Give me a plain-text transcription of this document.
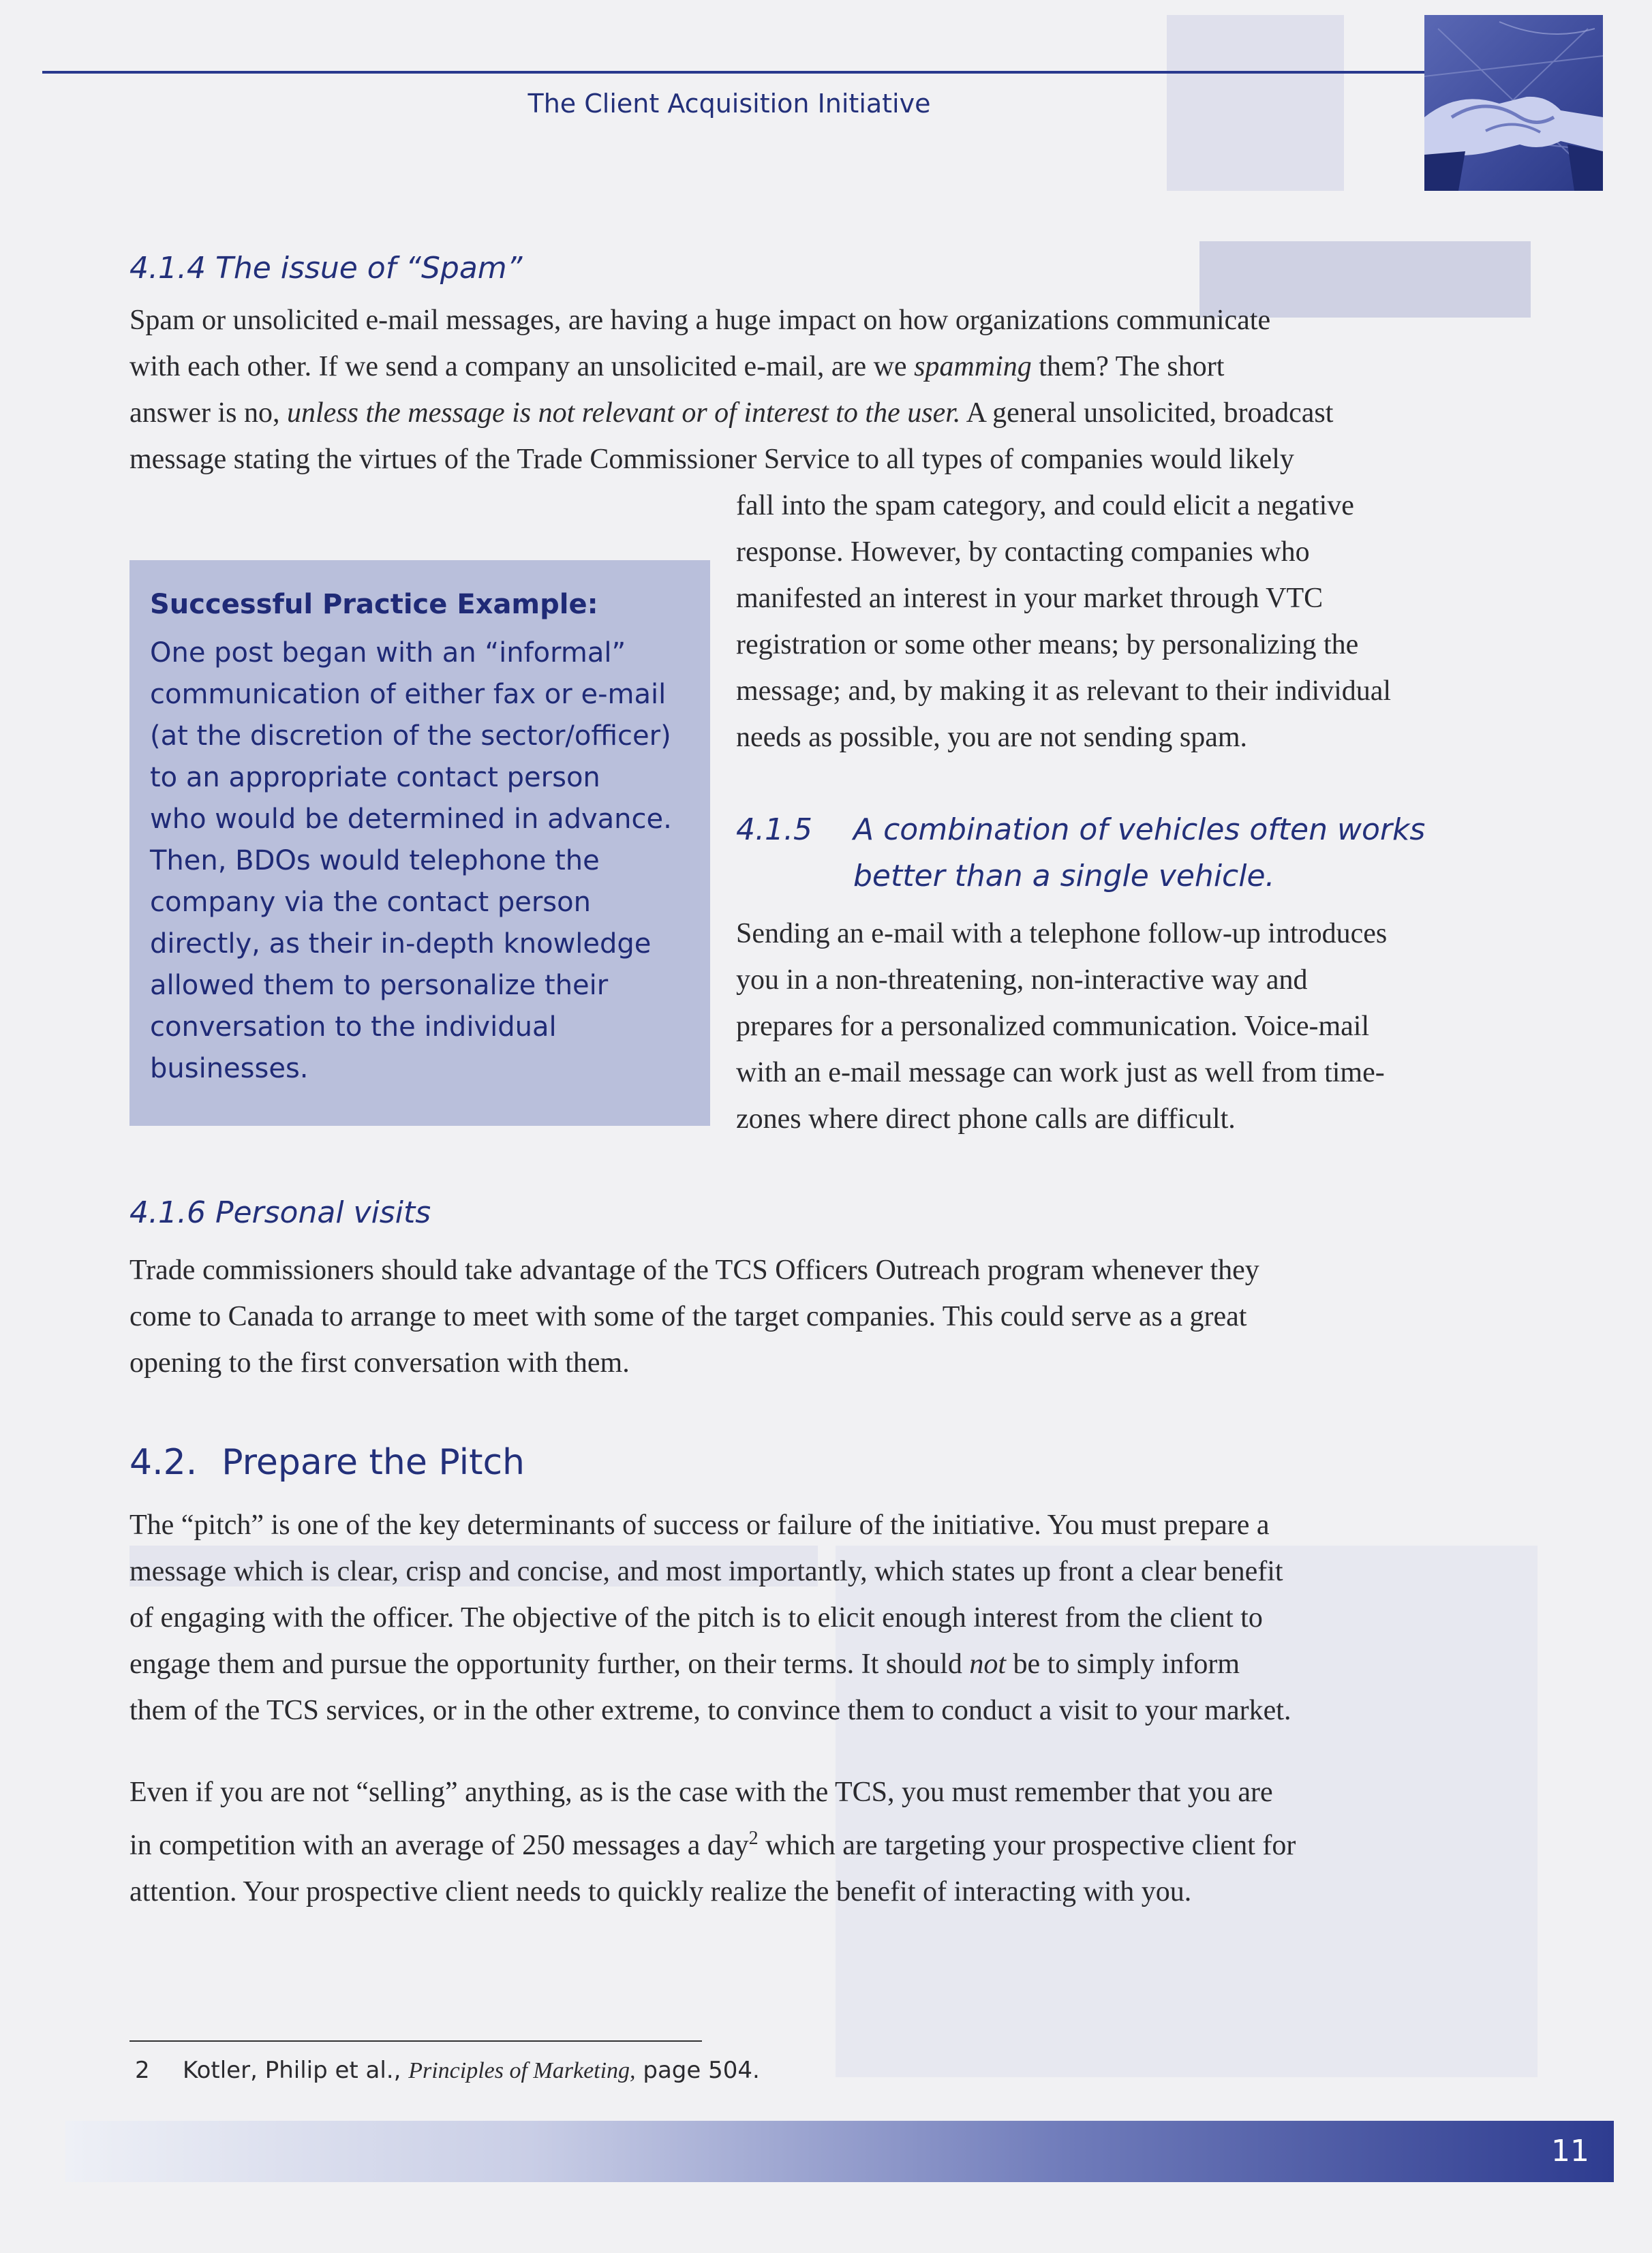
The Client Acquisition Initiative
4.1.4 The issue of “Spam”

Spam or unsolicited e-mail messages, are having a huge impact on how organizations communicate

with each other. If we send a company an unsolicited e-mail, are we spamming them? The short

answer is no, unless the message is not relevant or of interest to the user. A general unsolicited, broadcast

message stating the virtues of the Trade Commissioner Service to all types of companies would likely

fall into the spam category, and could elicit a negative
response. However, by contacting companies who
manifested an interest in your market through VTC
registration or some other means; by personalizing the
message; and, by making it as relevant to their individual
needs as possible, you are not sending spam.

Successful Practice Example:

One post began with an “informal”
communication of either fax or e-mail
(at the discretion of the sector/officer)
to an appropriate contact person
who would be determined in advance.
Then, BDOs would telephone the
company via the contact person
directly, as their in-depth knowledge
allowed them to personalize their
conversation to the individual
businesses.
4.1.5 A combination of vehicles often works
better than a single vehicle.
Sending an e-mail with a telephone follow-up introduces
you in a non-threatening, non-interactive way and
prepares for a personalized communication. Voice-mail
with an e-mail message can work just as well from time-
zones where direct phone calls are difficult.
4.1.6 Personal visits
Trade commissioners should take advantage of the TCS Officers Outreach program whenever they
come to Canada to arrange to meet with some of the target companies. This could serve as a great
opening to the first conversation with them.
4.2. Prepare the Pitch
The “pitch” is one of the key determinants of success or failure of the initiative. You must prepare a
message which is clear, crisp and concise, and most importantly, which states up front a clear benefit
of engaging with the officer. The objective of the pitch is to elicit enough interest from the client to
engage them and pursue the opportunity further, on their terms. It should not be to simply inform
them of the TCS services, or in the other extreme, to convince them to conduct a visit to your market.
Even if you are not “selling” anything, as is the case with the TCS, you must remember that you are
in competition with an average of 250 messages a day$^2$ which are targeting your prospective client for
attention. Your prospective client needs to quickly realize the benefit of interacting with you.

2 Kotler, Philip et al., Principles of Marketing, page 504.

11
